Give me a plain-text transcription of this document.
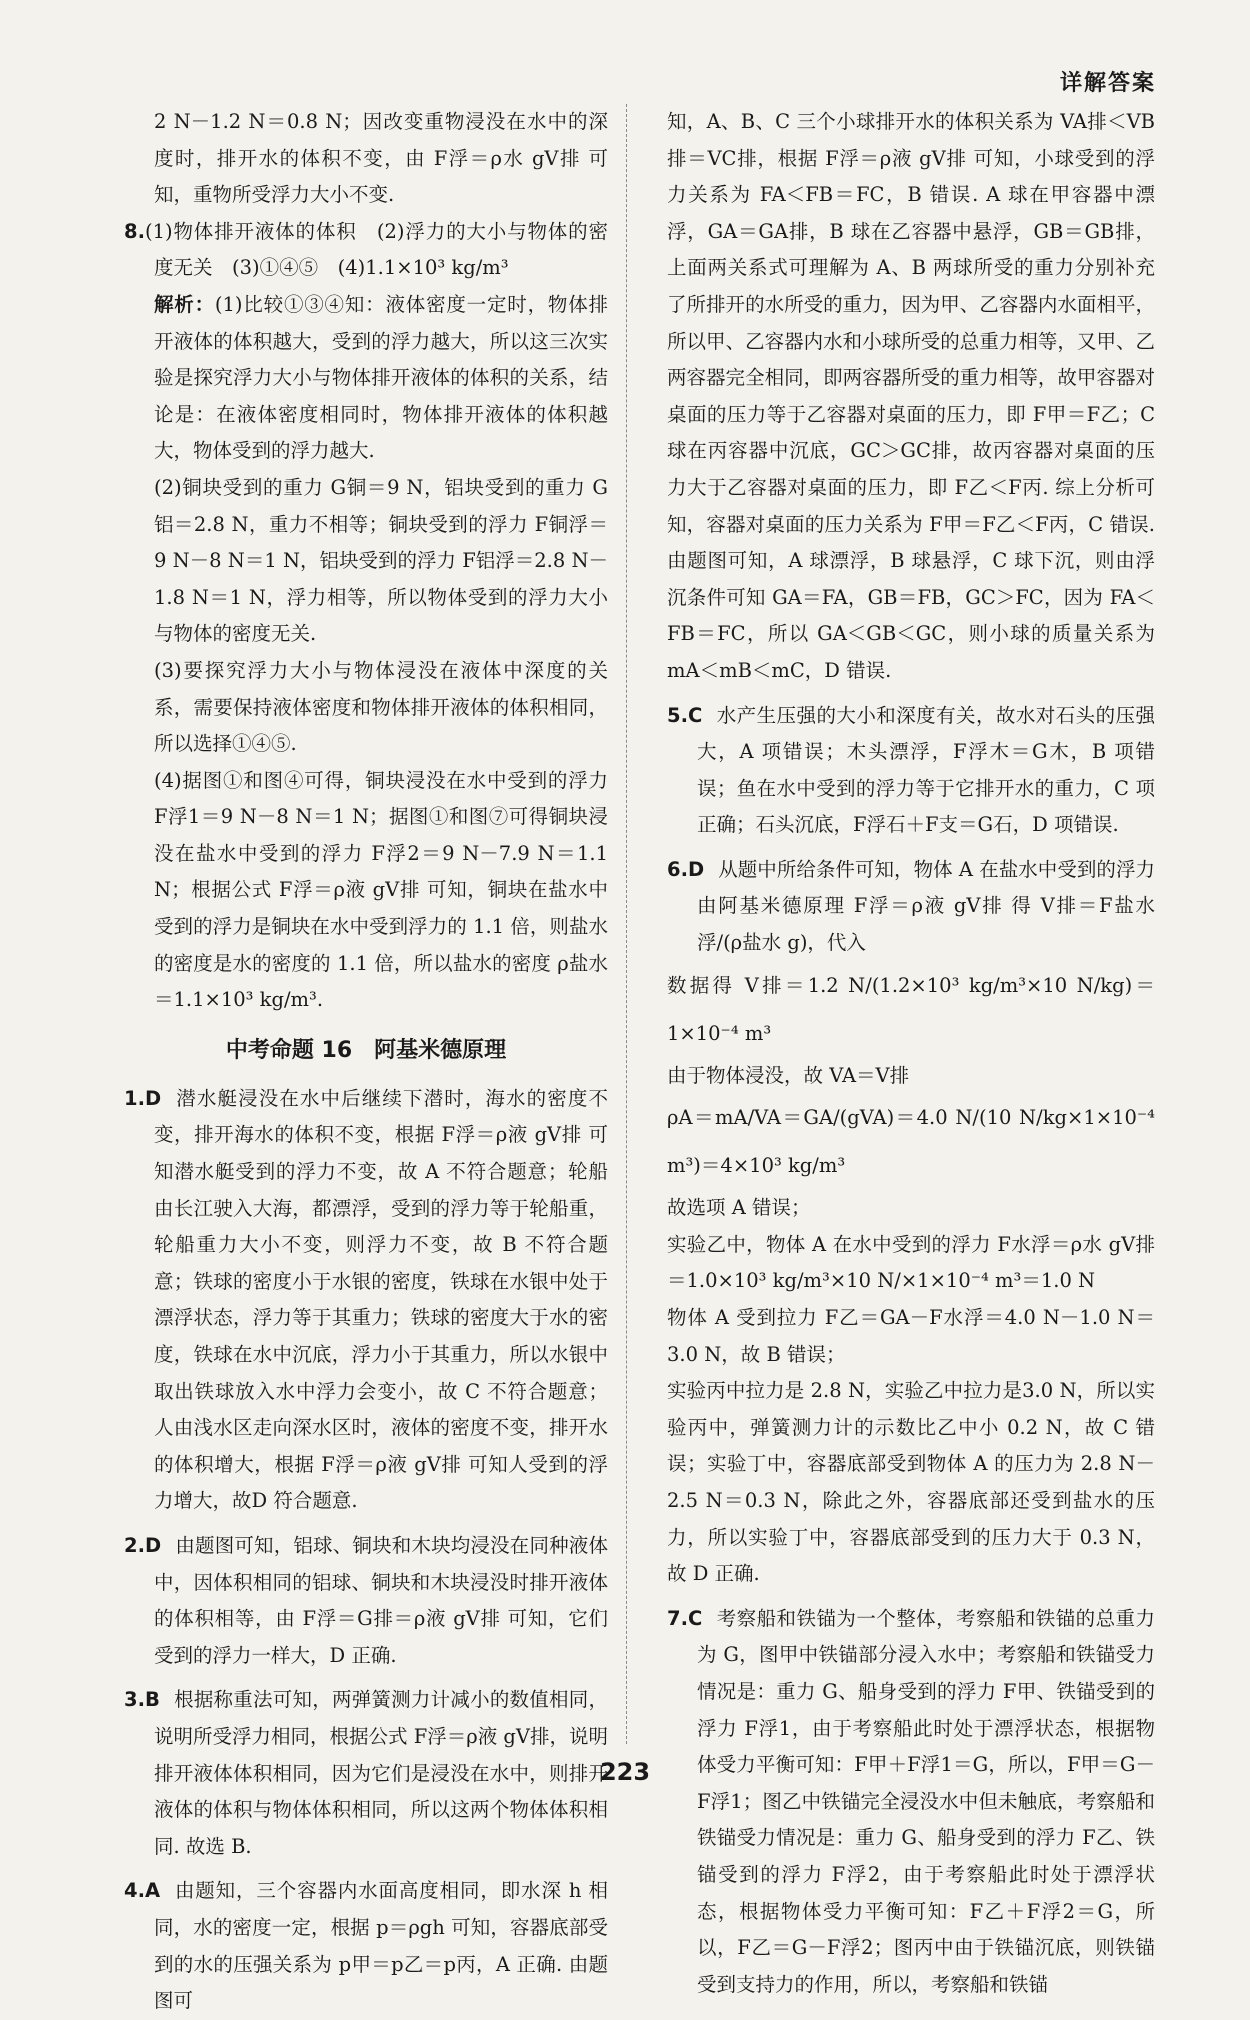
详解答案

2 N－1.2 N＝0.8 N；因改变重物浸没在水中的深度时，排开水的体积不变，由 F浮＝ρ水 gV排 可知，重物所受浮力大小不变.

8.(1)物体排开液体的体积　(2)浮力的大小与物体的密度无关　(3)①④⑤　(4)1.1×10³ kg/m³

解析：(1)比较①③④知：液体密度一定时，物体排开液体的体积越大，受到的浮力越大，所以这三次实验是探究浮力大小与物体排开液体的体积的关系，结论是：在液体密度相同时，物体排开液体的体积越大，物体受到的浮力越大.

(2)铜块受到的重力 G铜＝9 N，铝块受到的重力 G铝＝2.8 N，重力不相等；铜块受到的浮力 F铜浮＝9 N－8 N＝1 N，铝块受到的浮力 F铝浮＝2.8 N－1.8 N＝1 N，浮力相等，所以物体受到的浮力大小与物体的密度无关.

(3)要探究浮力大小与物体浸没在液体中深度的关系，需要保持液体密度和物体排开液体的体积相同，所以选择①④⑤.

(4)据图①和图④可得，铜块浸没在水中受到的浮力 F浮1＝9 N－8 N＝1 N；据图①和图⑦可得铜块浸没在盐水中受到的浮力 F浮2＝9 N－7.9 N＝1.1 N；根据公式 F浮＝ρ液 gV排 可知，铜块在盐水中受到的浮力是铜块在水中受到浮力的 1.1 倍，则盐水的密度是水的密度的 1.1 倍，所以盐水的密度 ρ盐水＝1.1×10³ kg/m³.

中考命题 16　阿基米德原理

1.D 潜水艇浸没在水中后继续下潜时，海水的密度不变，排开海水的体积不变，根据 F浮＝ρ液 gV排 可知潜水艇受到的浮力不变，故 A 不符合题意；轮船由长江驶入大海，都漂浮，受到的浮力等于轮船重，轮船重力大小不变，则浮力不变，故 B 不符合题意；铁球的密度小于水银的密度，铁球在水银中处于漂浮状态，浮力等于其重力；铁球的密度大于水的密度，铁球在水中沉底，浮力小于其重力，所以水银中取出铁球放入水中浮力会变小，故 C 不符合题意；人由浅水区走向深水区时，液体的密度不变，排开水的体积增大，根据 F浮＝ρ液 gV排 可知人受到的浮力增大，故D 符合题意.

2.D 由题图可知，铝球、铜块和木块均浸没在同种液体中，因体积相同的铝球、铜块和木块浸没时排开液体的体积相等，由 F浮＝G排＝ρ液 gV排 可知，它们受到的浮力一样大，D 正确.

3.B 根据称重法可知，两弹簧测力计减小的数值相同，说明所受浮力相同，根据公式 F浮＝ρ液 gV排，说明排开液体体积相同，因为它们是浸没在水中，则排开液体的体积与物体体积相同，所以这两个物体体积相同. 故选 B.

4.A 由题知，三个容器内水面高度相同，即水深 h 相同，水的密度一定，根据 p＝ρgh 可知，容器底部受到的水的压强关系为 p甲＝p乙＝p丙，A 正确. 由题图可

知，A、B、C 三个小球排开水的体积关系为 VA排＜VB排＝VC排，根据 F浮＝ρ液 gV排 可知，小球受到的浮力关系为 FA＜FB＝FC，B 错误. A 球在甲容器中漂浮，GA＝GA排，B 球在乙容器中悬浮，GB＝GB排，上面两关系式可理解为 A、B 两球所受的重力分别补充了所排开的水所受的重力，因为甲、乙容器内水面相平，所以甲、乙容器内水和小球所受的总重力相等，又甲、乙两容器完全相同，即两容器所受的重力相等，故甲容器对桌面的压力等于乙容器对桌面的压力，即 F甲＝F乙；C 球在丙容器中沉底，GC＞GC排，故丙容器对桌面的压力大于乙容器对桌面的压力，即 F乙＜F丙. 综上分析可知，容器对桌面的压力关系为 F甲＝F乙＜F丙，C 错误. 由题图可知，A 球漂浮，B 球悬浮，C 球下沉，则由浮沉条件可知 GA＝FA，GB＝FB，GC＞FC，因为 FA＜FB＝FC，所以 GA＜GB＜GC，则小球的质量关系为 mA＜mB＜mC，D 错误.

5.C 水产生压强的大小和深度有关，故水对石头的压强大，A 项错误；木头漂浮，F浮木＝G木，B 项错误；鱼在水中受到的浮力等于它排开水的重力，C 项正确；石头沉底，F浮石＋F支＝G石，D 项错误.

6.D 从题中所给条件可知，物体 A 在盐水中受到的浮力由阿基米德原理 F浮＝ρ液 gV排 得 V排＝F盐水浮/(ρ盐水 g)，代入

数据得 V排＝1.2 N/(1.2×10³ kg/m³×10 N/kg)＝1×10⁻⁴ m³

由于物体浸没，故 VA＝V排

ρA＝mA/VA＝GA/(gVA)＝4.0 N/(10 N/kg×1×10⁻⁴ m³)＝4×10³ kg/m³

故选项 A 错误；

实验乙中，物体 A 在水中受到的浮力 F水浮＝ρ水 gV排＝1.0×10³ kg/m³×10 N/×1×10⁻⁴ m³＝1.0 N

物体 A 受到拉力 F乙＝GA－F水浮＝4.0 N－1.0 N＝3.0 N，故 B 错误；

实验丙中拉力是 2.8 N，实验乙中拉力是3.0 N，所以实验丙中，弹簧测力计的示数比乙中小 0.2 N，故 C 错误；实验丁中，容器底部受到物体 A 的压力为 2.8 N－2.5 N＝0.3 N，除此之外，容器底部还受到盐水的压力，所以实验丁中，容器底部受到的压力大于 0.3 N，故 D 正确.

7.C 考察船和铁锚为一个整体，考察船和铁锚的总重力为 G，图甲中铁锚部分浸入水中；考察船和铁锚受力情况是：重力 G、船身受到的浮力 F甲、铁锚受到的浮力 F浮1，由于考察船此时处于漂浮状态，根据物体受力平衡可知：F甲＋F浮1＝G，所以，F甲＝G－F浮1；图乙中铁锚完全浸没水中但未触底，考察船和铁锚受力情况是：重力 G、船身受到的浮力 F乙、铁锚受到的浮力 F浮2，由于考察船此时处于漂浮状态，根据物体受力平衡可知：F乙＋F浮2＝G，所以，F乙＝G－F浮2；图丙中由于铁锚沉底，则铁锚受到支持力的作用，所以，考察船和铁锚

223
